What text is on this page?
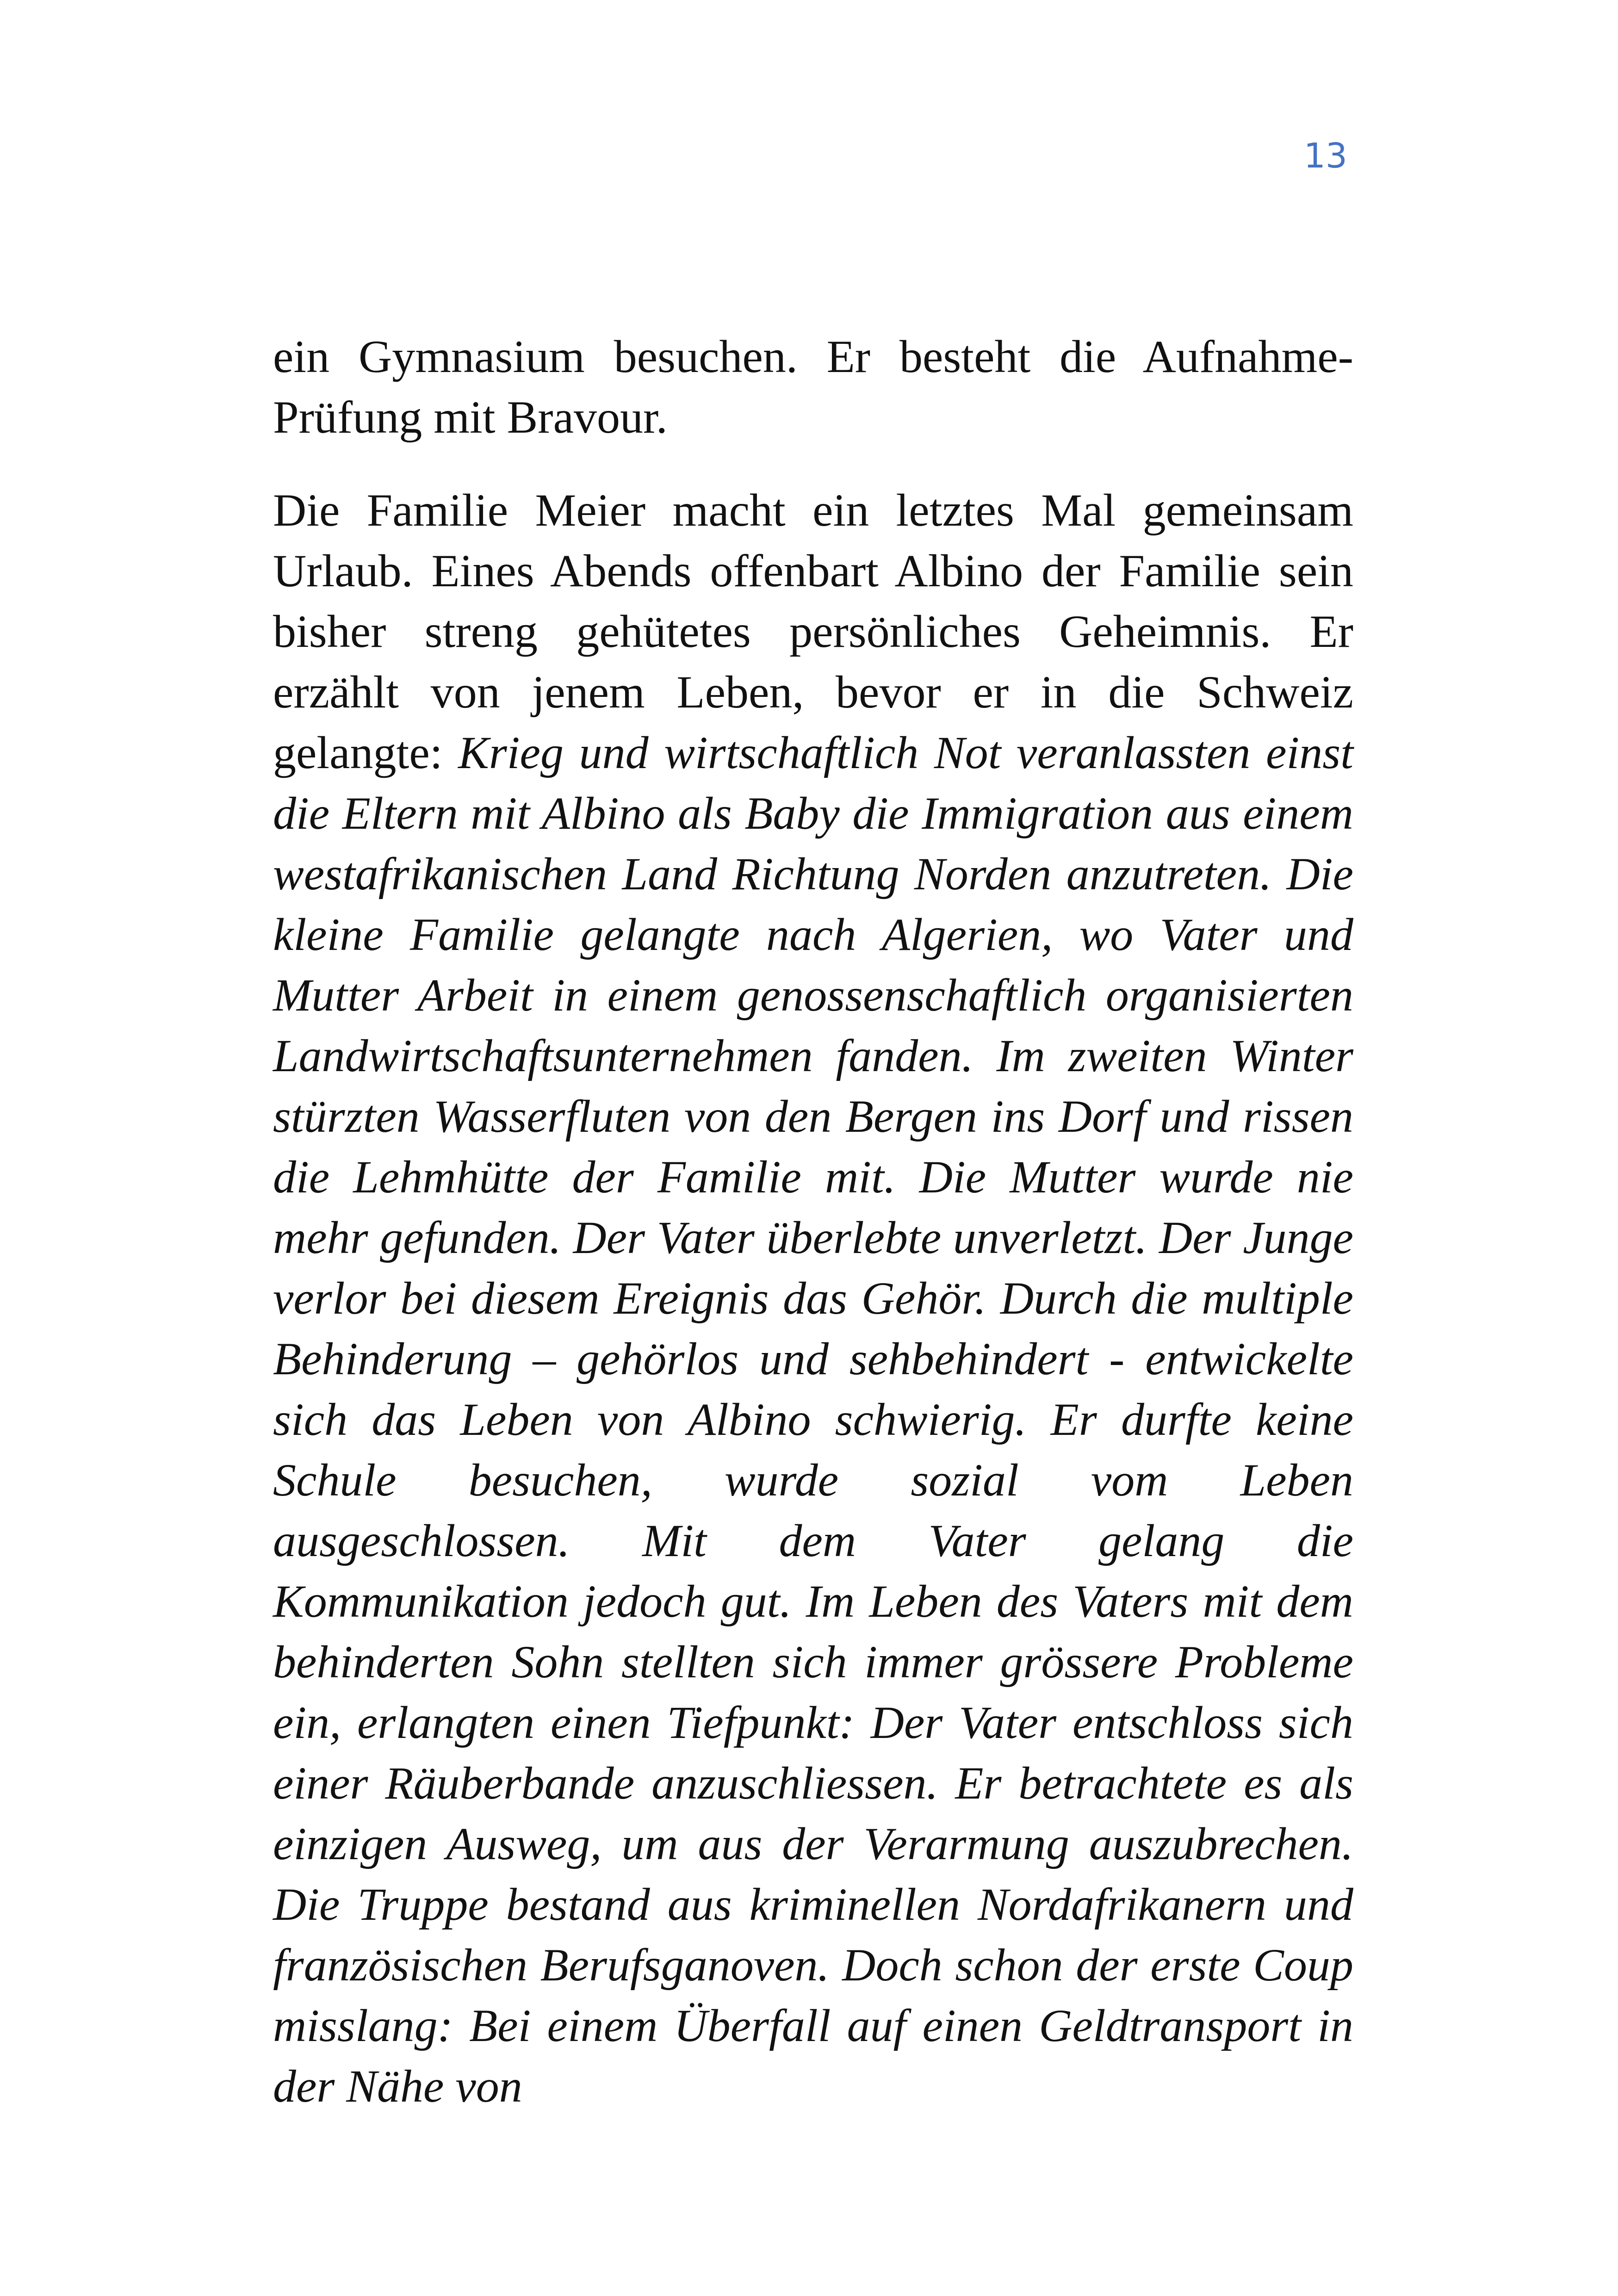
13

ein Gymnasium besuchen. Er besteht die Aufnahme-Prüfung mit Bravour.

Die Familie Meier macht ein letztes Mal gemeinsam Urlaub. Eines Abends offenbart Albino der Familie sein bisher streng gehütetes persönliches Geheimnis. Er erzählt von jenem Leben, bevor er in die Schweiz gelangte: Krieg und wirtschaftlich Not veranlassten einst die Eltern mit Albino als Baby die Immigration aus einem westafrikanischen Land Richtung Norden anzutreten. Die kleine Familie gelangte nach Algerien, wo Vater und Mutter Arbeit in einem genossenschaftlich organisierten Landwirtschaftsunternehmen fanden. Im zweiten Winter stürzten Wasserfluten von den Bergen ins Dorf und rissen die Lehmhütte der Familie mit. Die Mutter wurde nie mehr gefunden. Der Vater überlebte unverletzt. Der Junge verlor bei diesem Ereignis das Gehör. Durch die multiple Behinderung – gehörlos und sehbehindert - entwickelte sich das Leben von Albino schwierig. Er durfte keine Schule besuchen, wurde sozial vom Leben ausgeschlossen. Mit dem Vater gelang die Kommunikation jedoch gut. Im Leben des Vaters mit dem behinderten Sohn stellten sich immer grössere Probleme ein, erlangten einen Tiefpunkt: Der Vater entschloss sich einer Räuberbande anzuschliessen. Er betrachtete es als einzigen Ausweg, um aus der Verarmung auszubrechen. Die Truppe bestand aus kriminellen Nordafrikanern und französischen Berufsganoven. Doch schon der erste Coup misslang: Bei einem Überfall auf einen Geldtransport in der Nähe von
